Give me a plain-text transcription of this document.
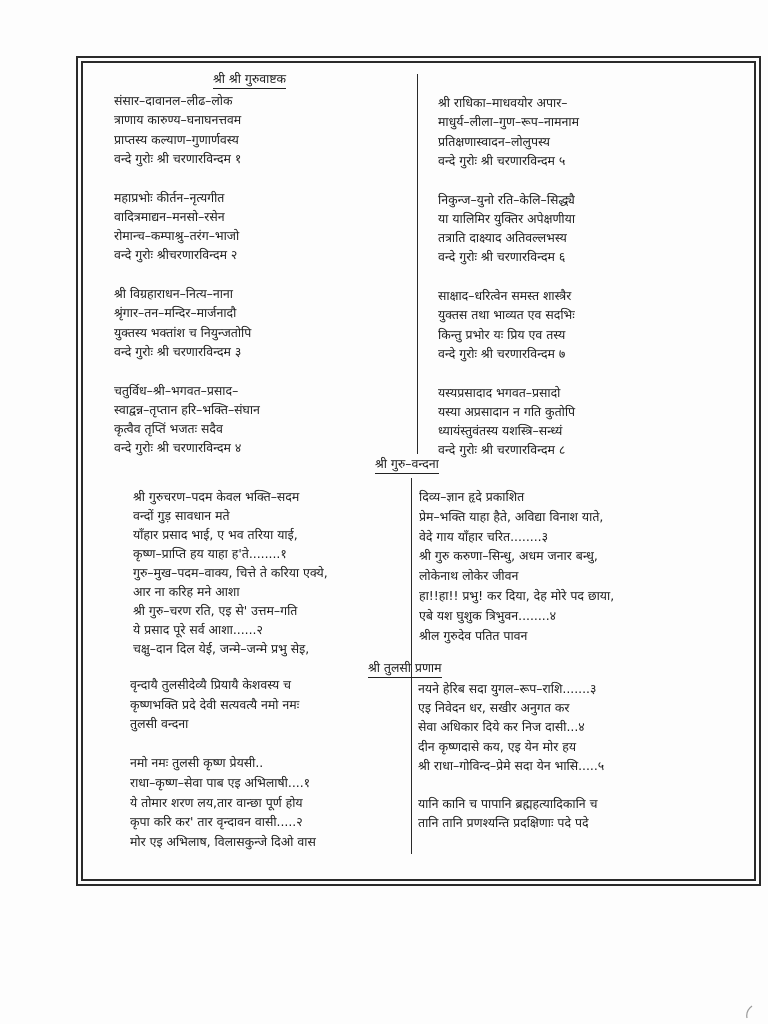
श्री श्री गुरुवाष्टक
संसार–दावानल–लीढ–लोक
त्राणाय कारुण्य–घनाघनत्तवम
प्राप्तस्य कल्याण–गुणार्णवस्य
वन्दे गुरोः श्री चरणारविन्दम १
महाप्रभोः कीर्तन–नृत्यगीत
वादित्रमाद्यन–मनसो–रसेन
रोमान्च–कम्पाश्रु–तरंग–भाजो
वन्दे गुरोः श्रीचरणारविन्दम २
श्री विग्रहाराधन–नित्य–नाना
श्रृंगार–तन–मन्दिर–मार्जनादौ
युक्तस्य भक्तांश च नियुन्जतोपि
वन्दे गुरोः श्री चरणारविन्दम ३
चतुर्विध–श्री–भगवत–प्रसाद–
स्वाद्वन्न–तृप्तान हरि–भक्ति–संघान
कृत्वैव तृप्तिं भजतः सदैव
वन्दे गुरोः श्री चरणारविन्दम ४
श्री राधिका–माधवयोर अपार–
माधुर्य–लीला–गुण–रूप–नामनाम
प्रतिक्षणास्वादन–लोलुपस्य
वन्दे गुरोः श्री चरणारविन्दम ५
निकुन्ज–युनो रति–केलि–सिद्ध्यै
या यालिमिर युक्तिर अपेक्षणीया
तत्राति दाक्ष्याद अतिवल्लभस्य
वन्दे गुरोः श्री चरणारविन्दम ६
साक्षाद–धरित्वेन समस्त शास्त्रैर
युक्तस तथा भाव्यत एव सदभिः
किन्तु प्रभोर यः प्रिय एव तस्य
वन्दे गुरोः श्री चरणारविन्दम ७
यस्यप्रसादाद भगवत–प्रसादो
यस्या अप्रसादान न गति कुतोपि
ध्यायंस्तुवंतस्य यशस्त्रि–सन्ध्यं
वन्दे गुरोः श्री चरणारविन्दम ८
श्री गुरु–वन्दना
श्री गुरुचरण–पदम केवल भक्ति–सदम
वन्दों गुड़ सावधान मते
याँहार प्रसाद भाई, ए भव तरिया याई,
कृष्ण–प्राप्ति हय याहा ह'ते........१
गुरु–मुख–पदम–वाक्य, चित्ते ते करिया एक्ये,
आर ना करिह मने आशा
श्री गुरु–चरण रति, एइ से' उत्तम–गति
ये प्रसाद पूरे सर्व आशा......२
चक्षु–दान दिल येई, जन्मे–जन्मे प्रभु सेइ,
दिव्य–ज्ञान हृदे प्रकाशित
प्रेम–भक्ति याहा हैते, अविद्या विनाश याते,
वेदे गाय याँहार चरित........३
श्री गुरु करुणा–सिन्धु, अधम जनार बन्धु,
लोकेनाथ लोकेर जीवन
हा!!हा!! प्रभु! कर दिया, देह मोरे पद छाया,
एबे यश घुशुक त्रिभुवन........४
श्रील गुरुदेव पतित पावन
श्री तुलसी प्रणाम
वृन्दायै तुलसीदेव्यै प्रियायै केशवस्य च
कृष्णभक्ति प्रदे देवी सत्यवत्यै नमो नमः
तुलसी वन्दना
नमो नमः तुलसी कृष्ण प्रेयसी..
राधा–कृष्ण–सेवा पाब एइ अभिलाषी....१
ये तोमार शरण लय,तार वान्छा पूर्ण होय
कृपा करि कर' तार वृन्दावन वासी.....२
मोर एइ अभिलाष, विलासकुन्जे दिओ वास
नयने हेरिब सदा युगल–रूप–राशि.......३
एइ निवेदन धर, सखीर अनुगत कर
सेवा अधिकार दिये कर निज दासी...४
दीन कृष्णदासे कय, एइ येन मोर हय
श्री राधा–गोविन्द–प्रेमे सदा येन भासि.....५
यानि कानि च पापानि ब्रह्महत्यादिकानि च
तानि तानि प्रणश्यन्ति प्रदक्षिणाः पदे पदे
